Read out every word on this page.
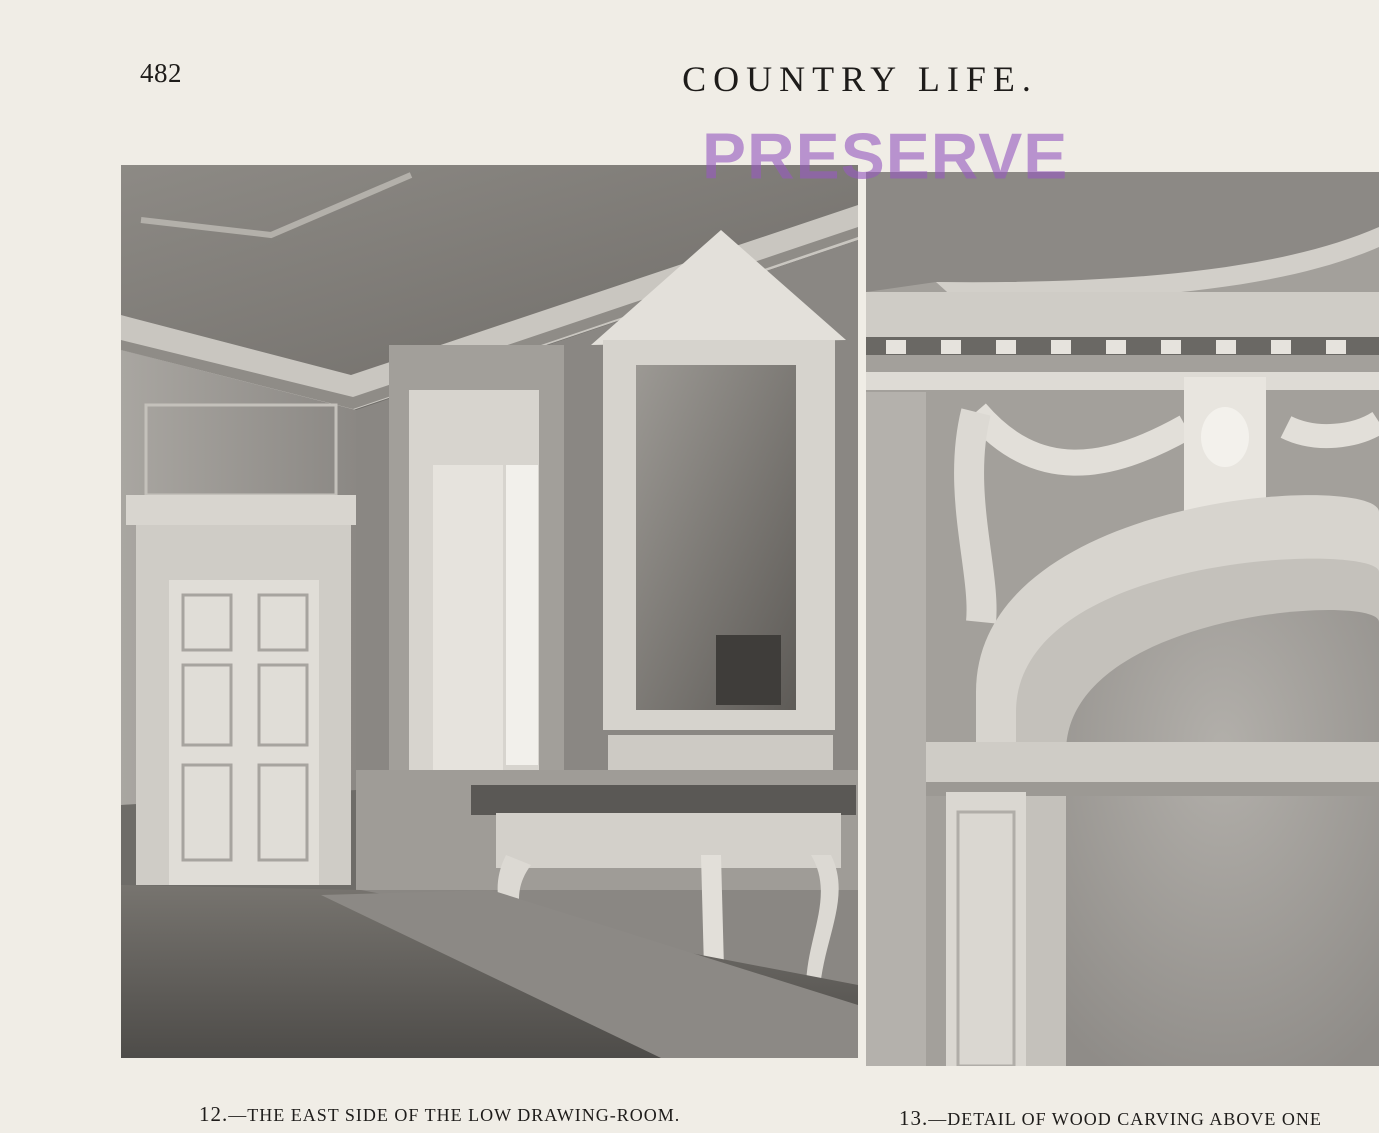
482	COUNTRY LIFE.
PRESERVE
12.—THE EAST SIDE OF THE LOW DRAWING-ROOM.	13.—DETAIL OF WOOD CARVING ABOVE ONE
